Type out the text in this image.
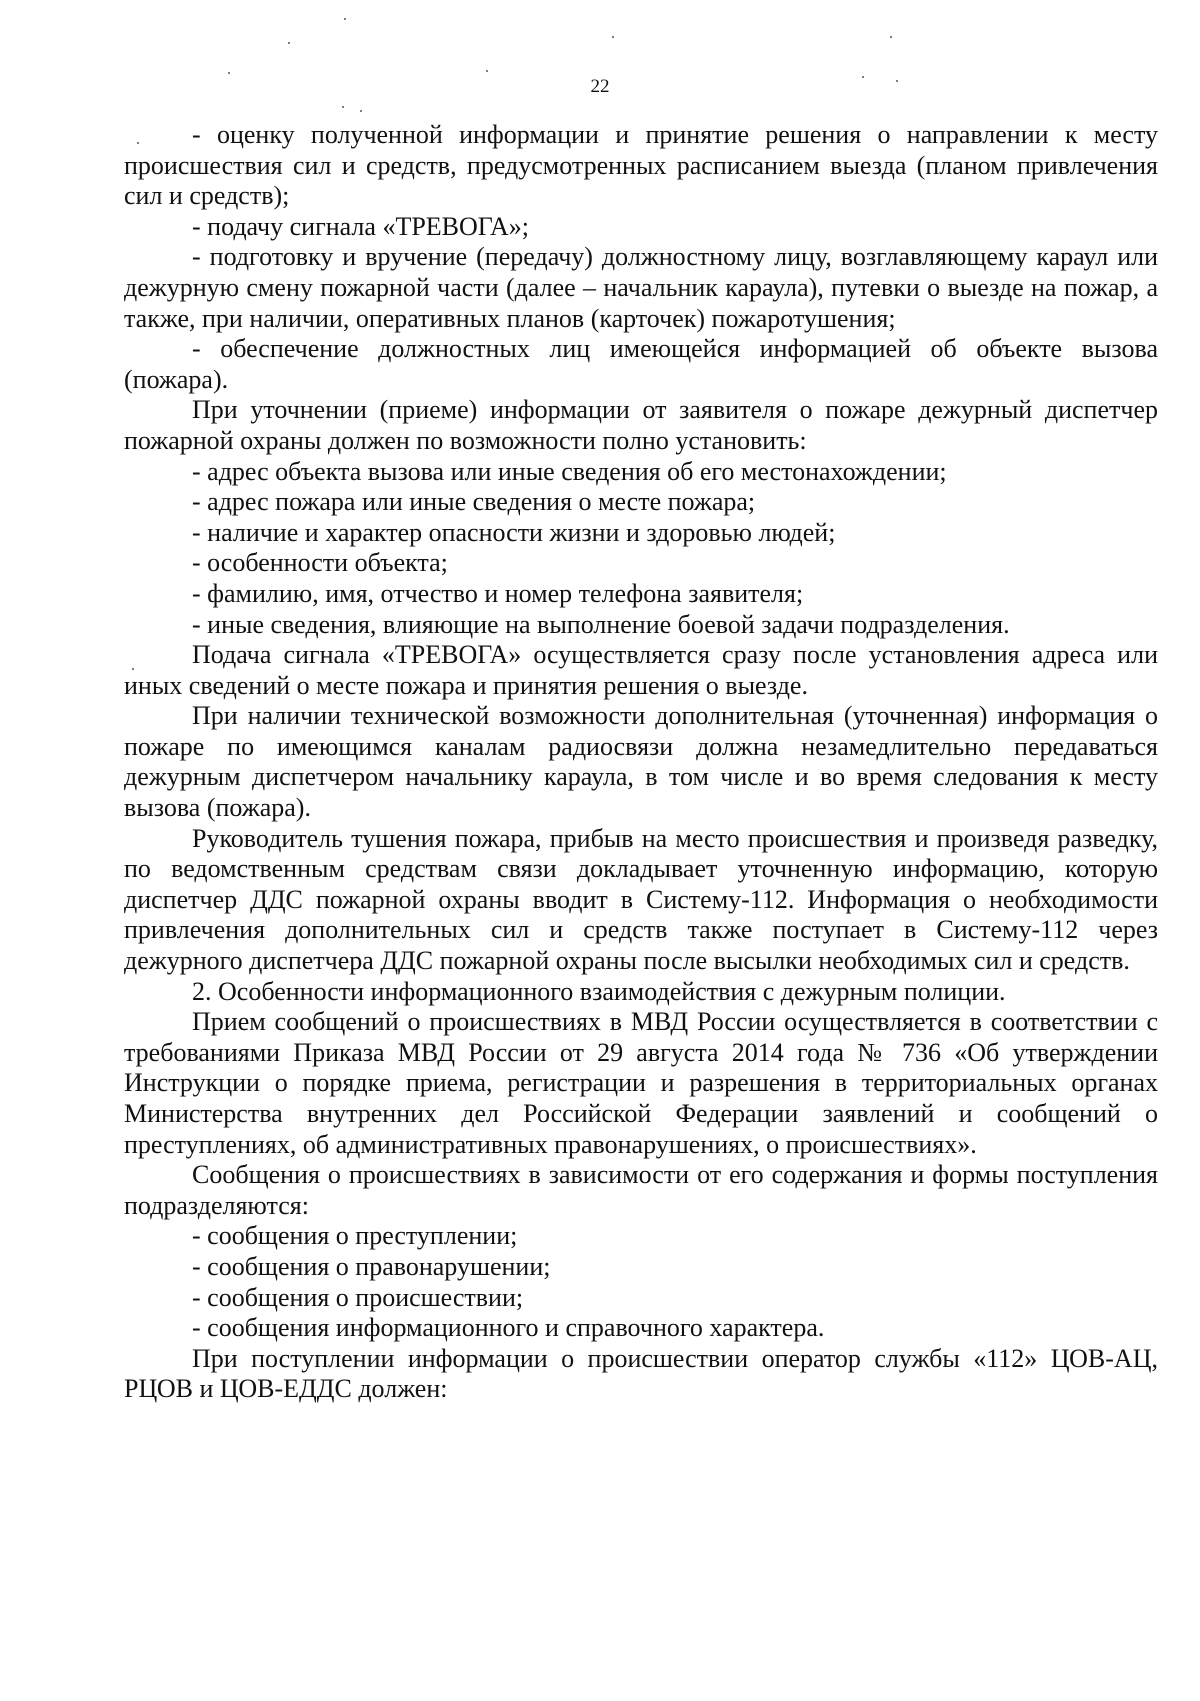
22

- оценку полученной информации и принятие решения о направлении к месту происшествия сил и средств, предусмотренных расписанием выезда (планом привлечения сил и средств);

- подачу сигнала «ТРЕВОГА»;

- подготовку и вручение (передачу) должностному лицу, возглавляющему караул или дежурную смену пожарной части (далее – начальник караула), путевки о выезде на пожар, а также, при наличии, оперативных планов (карточек) пожаротушения;

- обеспечение должностных лиц имеющейся информацией об объекте вызова (пожара).

При уточнении (приеме) информации от заявителя о пожаре дежурный диспетчер пожарной охраны должен по возможности полно установить:

- адрес объекта вызова или иные сведения об его местонахождении;

- адрес пожара или иные сведения о месте пожара;

- наличие и характер опасности жизни и здоровью людей;

- особенности объекта;

- фамилию, имя, отчество и номер телефона заявителя;

- иные сведения, влияющие на выполнение боевой задачи подразделения.

Подача сигнала «ТРЕВОГА» осуществляется сразу после установления адреса или иных сведений о месте пожара и принятия решения о выезде.

При наличии технической возможности дополнительная (уточненная) информация о пожаре по имеющимся каналам радиосвязи должна незамедлительно передаваться дежурным диспетчером начальнику караула, в том числе и во время следования к месту вызова (пожара).

Руководитель тушения пожара, прибыв на место происшествия и произведя разведку, по ведомственным средствам связи докладывает уточненную информацию, которую диспетчер ДДС пожарной охраны вводит в Систему-112. Информация о необходимости привлечения дополнительных сил и средств также поступает в Систему-112 через дежурного диспетчера ДДС пожарной охраны после высылки необходимых сил и средств.

2. Особенности информационного взаимодействия с дежурным полиции.

Прием сообщений о происшествиях в МВД России осуществляется в соответствии с требованиями Приказа МВД России от 29 августа 2014 года № 736 «Об утверждении Инструкции о порядке приема, регистрации и разрешения в территориальных органах Министерства внутренних дел Российской Федерации заявлений и сообщений о преступлениях, об административных правонарушениях, о происшествиях».

Сообщения о происшествиях в зависимости от его содержания и формы поступления подразделяются:

- сообщения о преступлении;

- сообщения о правонарушении;

- сообщения о происшествии;

- сообщения информационного и справочного характера.

При поступлении информации о происшествии оператор службы «112» ЦОВ-АЦ, РЦОВ и ЦОВ-ЕДДС должен:
